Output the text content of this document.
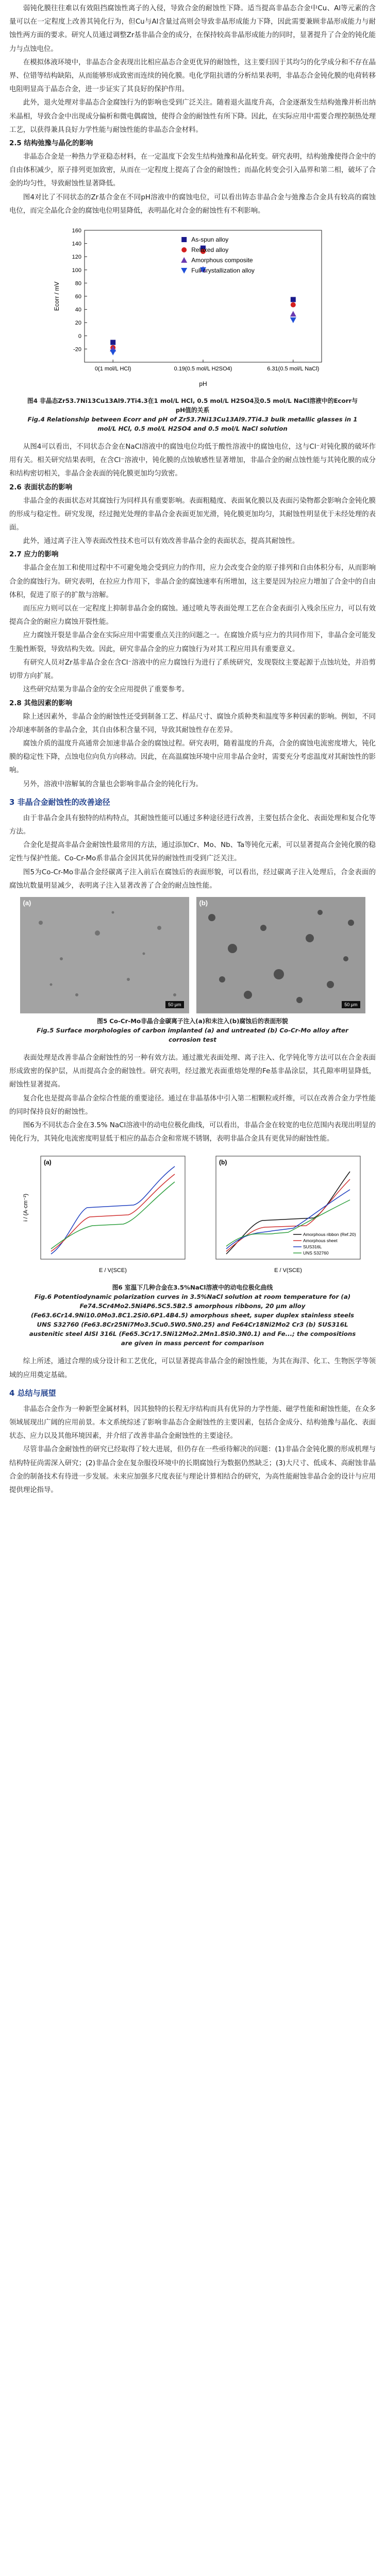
弱钝化膜往往难以有效阻挡腐蚀性离子的入侵，导致合金的耐蚀性下降。适当提高非晶态合金中Cu、Al等元素的含量可以在一定程度上改善其钝化行为，但Cu与Al含量过高则会导致非晶形成能力下降，因此需要兼顾非晶形成能力与耐蚀性两方面的要求。研究人员通过调整Zr基非晶合金的成分，在保持较高非晶形成能力的同时，显著提升了合金的钝化能力与点蚀电位。

在模拟体液环境中，非晶态合金表现出比相应晶态合金更优异的耐蚀性，这主要归因于其均匀的化学成分和不存在晶界、位错等结构缺陷，从而能够形成致密而连续的钝化膜。电化学阻抗谱的分析结果表明，非晶态合金钝化膜的电荷转移电阻明显高于晶态合金，进一步证实了其良好的保护作用。

此外，退火处理对非晶态合金腐蚀行为的影响也受到广泛关注。随着退火温度升高，合金逐渐发生结构弛豫并析出纳米晶相，导致合金中出现成分偏析和微电偶腐蚀，使得合金的耐蚀性有所下降。因此，在实际应用中需要合理控制热处理工艺，以获得兼具良好力学性能与耐蚀性能的非晶态合金材料。

2.5 结构弛豫与晶化的影响

非晶态合金是一种热力学亚稳态材料，在一定温度下会发生结构弛豫和晶化转变。研究表明，结构弛豫使得合金中的自由体积减少，原子排列更加致密，从而在一定程度上提高了合金的耐蚀性；而晶化转变会引入晶界和第二相，破坏了合金的均匀性，导致耐蚀性显著降低。

图4对比了不同状态的Zr基合金在不同pH溶液中的腐蚀电位，可以看出铸态非晶合金与弛豫态合金具有较高的腐蚀电位，而完全晶化合金的腐蚀电位明显降低，表明晶化对合金的耐蚀性有不利影响。

-20
0
20
40
60
80
100
120
140
160
0(1 mol/L HCl)	0.19(0.5 mol/L H2SO4)	6.31(0.5 mol/L NaCl)
pH
Ecorr / mV
As-spun alloy
Relaxed alloy
Amorphous composite
Full crystallization alloy
图4 非晶态Zr53.7Ni13Cu13Al9.7Ti4.3在1 mol/L HCl, 0.5 mol/L H2SO4及0.5 mol/L NaCl溶液中的Ecorr与pH值的关系
Fig.4 Relationship between Ecorr and pH of Zr53.7Ni13Cu13Al9.7Ti4.3 bulk metallic glasses in 1 mol/L HCl, 0.5 mol/L H2SO4 and 0.5 mol/L NaCl solution

从图4可以看出，不同状态合金在NaCl溶液中的腐蚀电位均低于酸性溶液中的腐蚀电位，这与Cl⁻对钝化膜的破坏作用有关。相关研究结果表明，在含Cl⁻溶液中，钝化膜的点蚀敏感性显著增加，非晶合金的耐点蚀性能与其钝化膜的成分和结构密切相关，非晶合金表面的钝化膜更加均匀致密。

2.6 表面状态的影响

非晶合金的表面状态对其腐蚀行为同样具有重要影响。表面粗糙度、表面氧化膜以及表面污染物都会影响合金钝化膜的形成与稳定性。研究发现，经过抛光处理的非晶合金表面更加光滑，钝化膜更加均匀，其耐蚀性明显优于未经处理的表面。

此外，通过离子注入等表面改性技术也可以有效改善非晶合金的表面状态，提高其耐蚀性。

2.7 应力的影响

非晶合金在加工和使用过程中不可避免地会受到应力的作用，应力会改变合金的原子排列和自由体积分布，从而影响合金的腐蚀行为。研究表明，在拉应力作用下，非晶合金的腐蚀速率有所增加，这主要是因为拉应力增加了合金中的自由体积，促进了原子的扩散与溶解。

而压应力则可以在一定程度上抑制非晶合金的腐蚀。通过喷丸等表面处理工艺在合金表面引入残余压应力，可以有效提高合金的耐应力腐蚀开裂性能。

应力腐蚀开裂是非晶合金在实际应用中需要重点关注的问题之一。在腐蚀介质与应力的共同作用下，非晶合金可能发生脆性断裂，导致结构失效。因此，研究非晶合金的应力腐蚀行为对其工程应用具有重要意义。

有研究人员对Zr基非晶合金在含Cl⁻溶液中的应力腐蚀行为进行了系统研究，发现裂纹主要起源于点蚀坑处，并沿剪切带方向扩展。

这些研究结果为非晶合金的安全应用提供了重要参考。

2.8 其他因素的影响

除上述因素外，非晶合金的耐蚀性还受到制备工艺、样品尺寸、腐蚀介质种类和温度等多种因素的影响。例如，不同冷却速率制备的非晶合金，其自由体积含量不同，导致其耐蚀性存在差异。

腐蚀介质的温度升高通常会加速非晶合金的腐蚀过程。研究表明，随着温度的升高，合金的腐蚀电流密度增大，钝化膜的稳定性下降，点蚀电位向负方向移动。因此，在高温腐蚀环境中应用非晶合金时，需要充分考虑温度对其耐蚀性的影响。

另外，溶液中溶解氧的含量也会影响非晶合金的钝化行为。

3 非晶合金耐蚀性的改善途径

由于非晶合金具有独特的结构特点，其耐蚀性能可以通过多种途径进行改善，主要包括合金化、表面处理和复合化等方法。

合金化是提高非晶合金耐蚀性最常用的方法，通过添加Cr、Mo、Nb、Ta等钝化元素，可以显著提高合金钝化膜的稳定性与保护性能。Co-Cr-Mo系非晶合金因其优异的耐蚀性而受到广泛关注。

图5为Co-Cr-Mo非晶合金经碳离子注入前后在腐蚀后的表面形貌，可以看出，经过碳离子注入处理后，合金表面的腐蚀坑数量明显减少，表明离子注入显著改善了合金的耐点蚀性能。

(a)
50 μm
(b)
50 μm
图5 Co-Cr-Mo非晶合金碳离子注入(a)和未注入(b)腐蚀后的表面形貌
Fig.5 Surface morphologies of carbon implanted (a) and untreated (b) Co-Cr-Mo alloy after corrosion test

表面处理是改善非晶合金耐蚀性的另一种有效方法。通过激光表面处理、离子注入、化学钝化等方法可以在合金表面形成致密的保护层，从而提高合金的耐蚀性。研究表明，经过激光表面重熔处理的Fe基非晶涂层，其孔隙率明显降低，耐蚀性显著提高。

复合化也是提高非晶合金综合性能的重要途径。通过在非晶基体中引入第二相颗粒或纤维，可以在改善合金力学性能的同时保持良好的耐蚀性。

图6为不同状态合金在3.5% NaCl溶液中的动电位极化曲线，可以看出，非晶合金在较宽的电位范围内表现出明显的钝化行为，其钝化电流密度明显低于相应的晶态合金和常规不锈钢，表明非晶合金具有更优异的耐蚀性能。

(a)
E / V(SCE)
i / (A·cm⁻²)
(b)
Amorphous ribbon (Ref.20)
Amorphous sheet
SUS316L
UNS S32760
E / V(SCE)
图6 室温下几种合金在3.5%NaCl溶液中的动电位极化曲线
Fig.6 Potentiodynamic polarization curves in 3.5%NaCl solution at room temperature for (a) Fe74.5Cr4Mo2.5Ni4P6.5C5.5B2.5 amorphous ribbons, 20 μm alloy (Fe63.6Cr14.9Ni10.0Mo3.8C1.2Si0.6P1.4B4.5) amorphous sheet, super duplex stainless steels UNS S32760 (Fe63.8Cr25Ni7Mo3.5Cu0.5W0.5N0.25) and Fe64Cr18Ni2Mo2 Cr3 (b) SUS316L austenitic steel AISI 316L (Fe65.3Cr17.5Ni12Mo2.2Mn1.8Si0.3N0.1) and Fe...; the compositions are given in mass percent for comparison

综上所述，通过合理的成分设计和工艺优化，可以显著提高非晶合金的耐蚀性能，为其在海洋、化工、生物医学等领域的应用奠定基础。

4 总结与展望

非晶态合金作为一种新型金属材料，因其独特的长程无序结构而具有优异的力学性能、磁学性能和耐蚀性能，在众多领域展现出广阔的应用前景。本文系统综述了影响非晶态合金耐蚀性的主要因素，包括合金成分、结构弛豫与晶化、表面状态、应力以及其他环境因素，并介绍了改善非晶合金耐蚀性的主要途径。

尽管非晶合金耐蚀性的研究已经取得了较大进展，但仍存在一些亟待解决的问题：(1)非晶合金钝化膜的形成机理与结构特征尚需深入研究；(2)非晶合金在复杂服役环境中的长期腐蚀行为数据仍然缺乏；(3)大尺寸、低成本、高耐蚀非晶合金的制备技术有待进一步发展。未来应加强多尺度表征与理论计算相结合的研究，为高性能耐蚀非晶合金的设计与应用提供理论指导。
